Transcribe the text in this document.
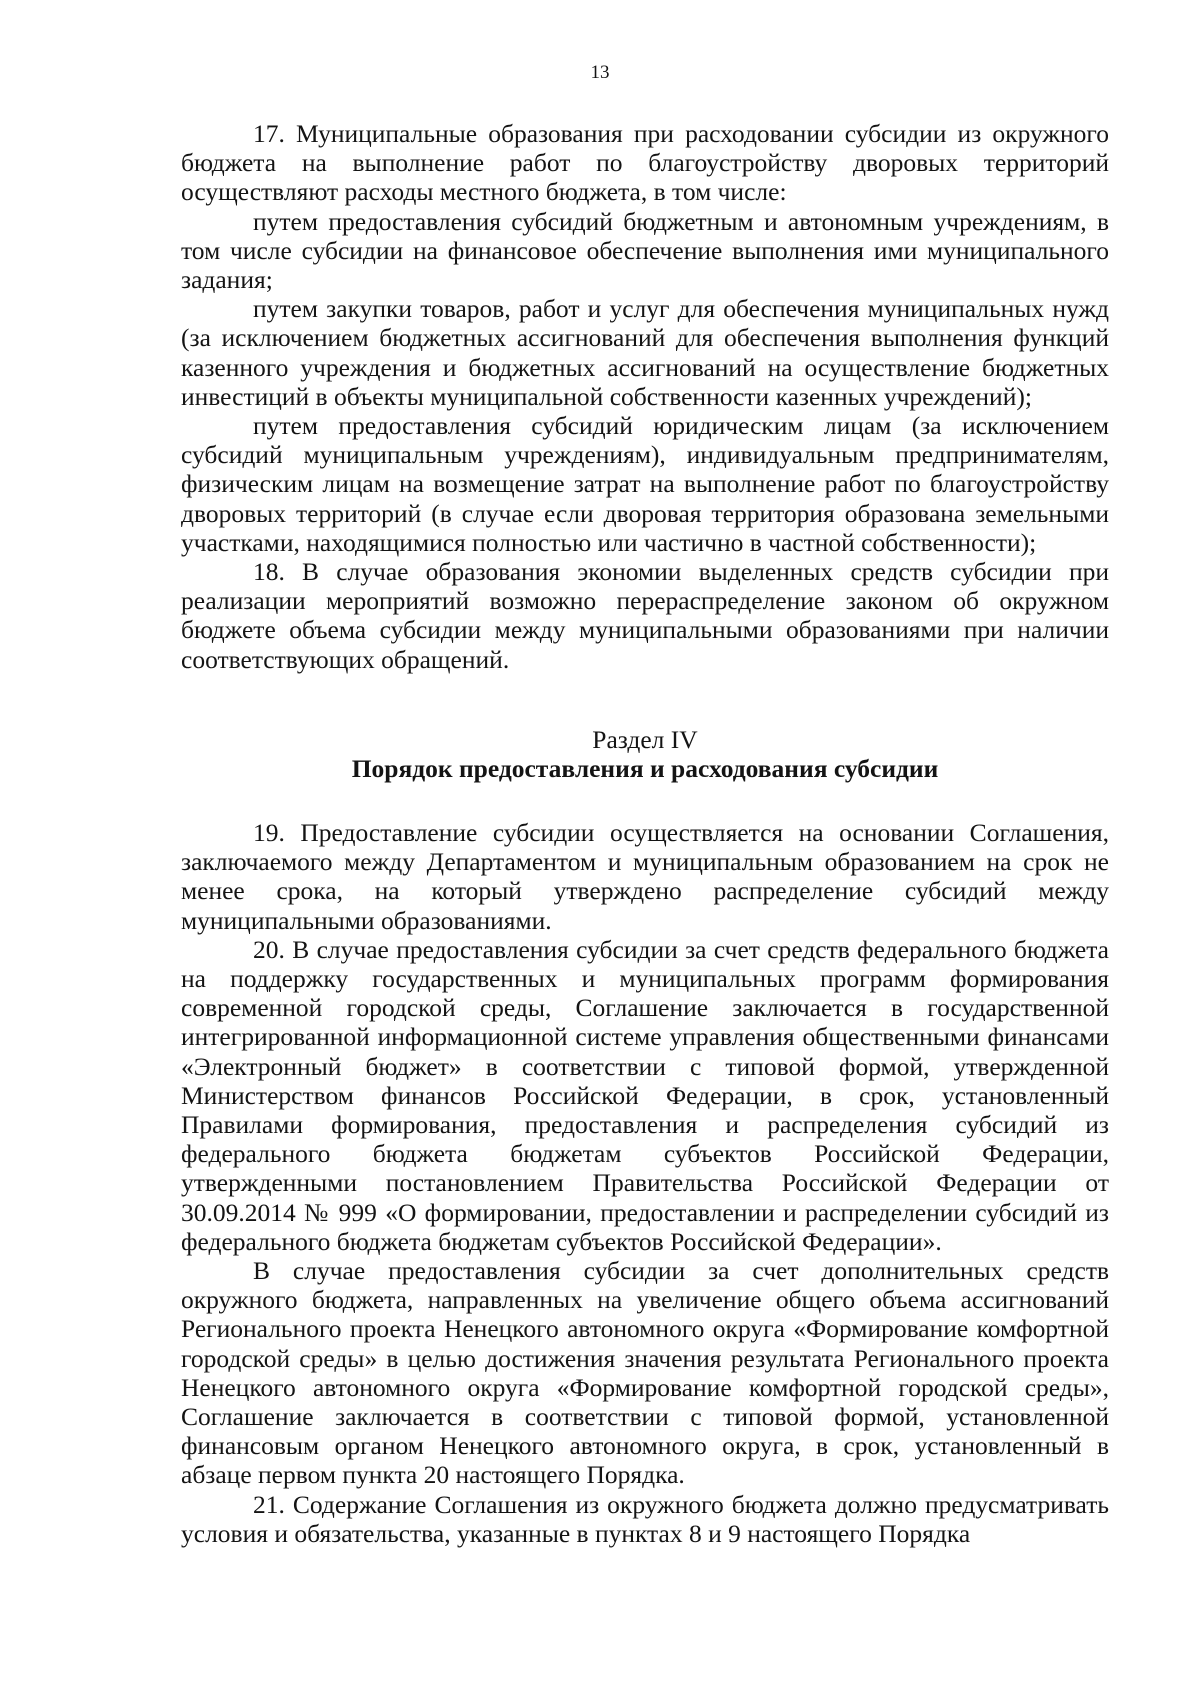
13

17. Муниципальные образования при расходовании субсидии из окружного бюджета на выполнение работ по благоустройству дворовых территорий осуществляют расходы местного бюджета, в том числе:

путем предоставления субсидий бюджетным и автономным учреждениям, в том числе субсидии на финансовое обеспечение выполнения ими муниципального задания;

путем закупки товаров, работ и услуг для обеспечения муниципальных нужд (за исключением бюджетных ассигнований для обеспечения выполнения функций казенного учреждения и бюджетных ассигнований на осуществление бюджетных инвестиций в объекты муниципальной собственности казенных учреждений);

путем предоставления субсидий юридическим лицам (за исключением субсидий муниципальным учреждениям), индивидуальным предпринимателям, физическим лицам на возмещение затрат на выполнение работ по благоустройству дворовых территорий (в случае если дворовая территория образована земельными участками, находящимися полностью или частично в частной собственности);

18. В случае образования экономии выделенных средств субсидии при реализации мероприятий возможно перераспределение законом об окружном бюджете объема субсидии между муниципальными образованиями при наличии соответствующих обращений.

Раздел IV

Порядок предоставления и расходования субсидии

19. Предоставление субсидии осуществляется на основании Соглашения, заключаемого между Департаментом и муниципальным образованием на срок не менее срока, на который утверждено распределение субсидий между муниципальными образованиями.

20. В случае предоставления субсидии за счет средств федерального бюджета на поддержку государственных и муниципальных программ формирования современной городской среды, Соглашение заключается в государственной интегрированной информационной системе управления общественными финансами «Электронный бюджет» в соответствии с типовой формой, утвержденной Министерством финансов Российской Федерации, в срок, установленный Правилами формирования, предоставления и распределения субсидий из федерального бюджета бюджетам субъектов Российской Федерации, утвержденными постановлением Правительства Российской Федерации от 30.09.2014 № 999 «О формировании, предоставлении и распределении субсидий из федерального бюджета бюджетам субъектов Российской Федерации».

В случае предоставления субсидии за счет дополнительных средств окружного бюджета, направленных на увеличение общего объема ассигнований Регионального проекта Ненецкого автономного округа «Формирование комфортной городской среды» в целью достижения значения результата Регионального проекта Ненецкого автономного округа «Формирование комфортной городской среды», Соглашение заключается в соответствии с типовой формой, установленной финансовым органом Ненецкого автономного округа, в срок, установленный в абзаце первом пункта 20 настоящего Порядка.

21. Содержание Соглашения из окружного бюджета должно предусматривать условия и обязательства, указанные в пунктах 8 и 9 настоящего Порядка
